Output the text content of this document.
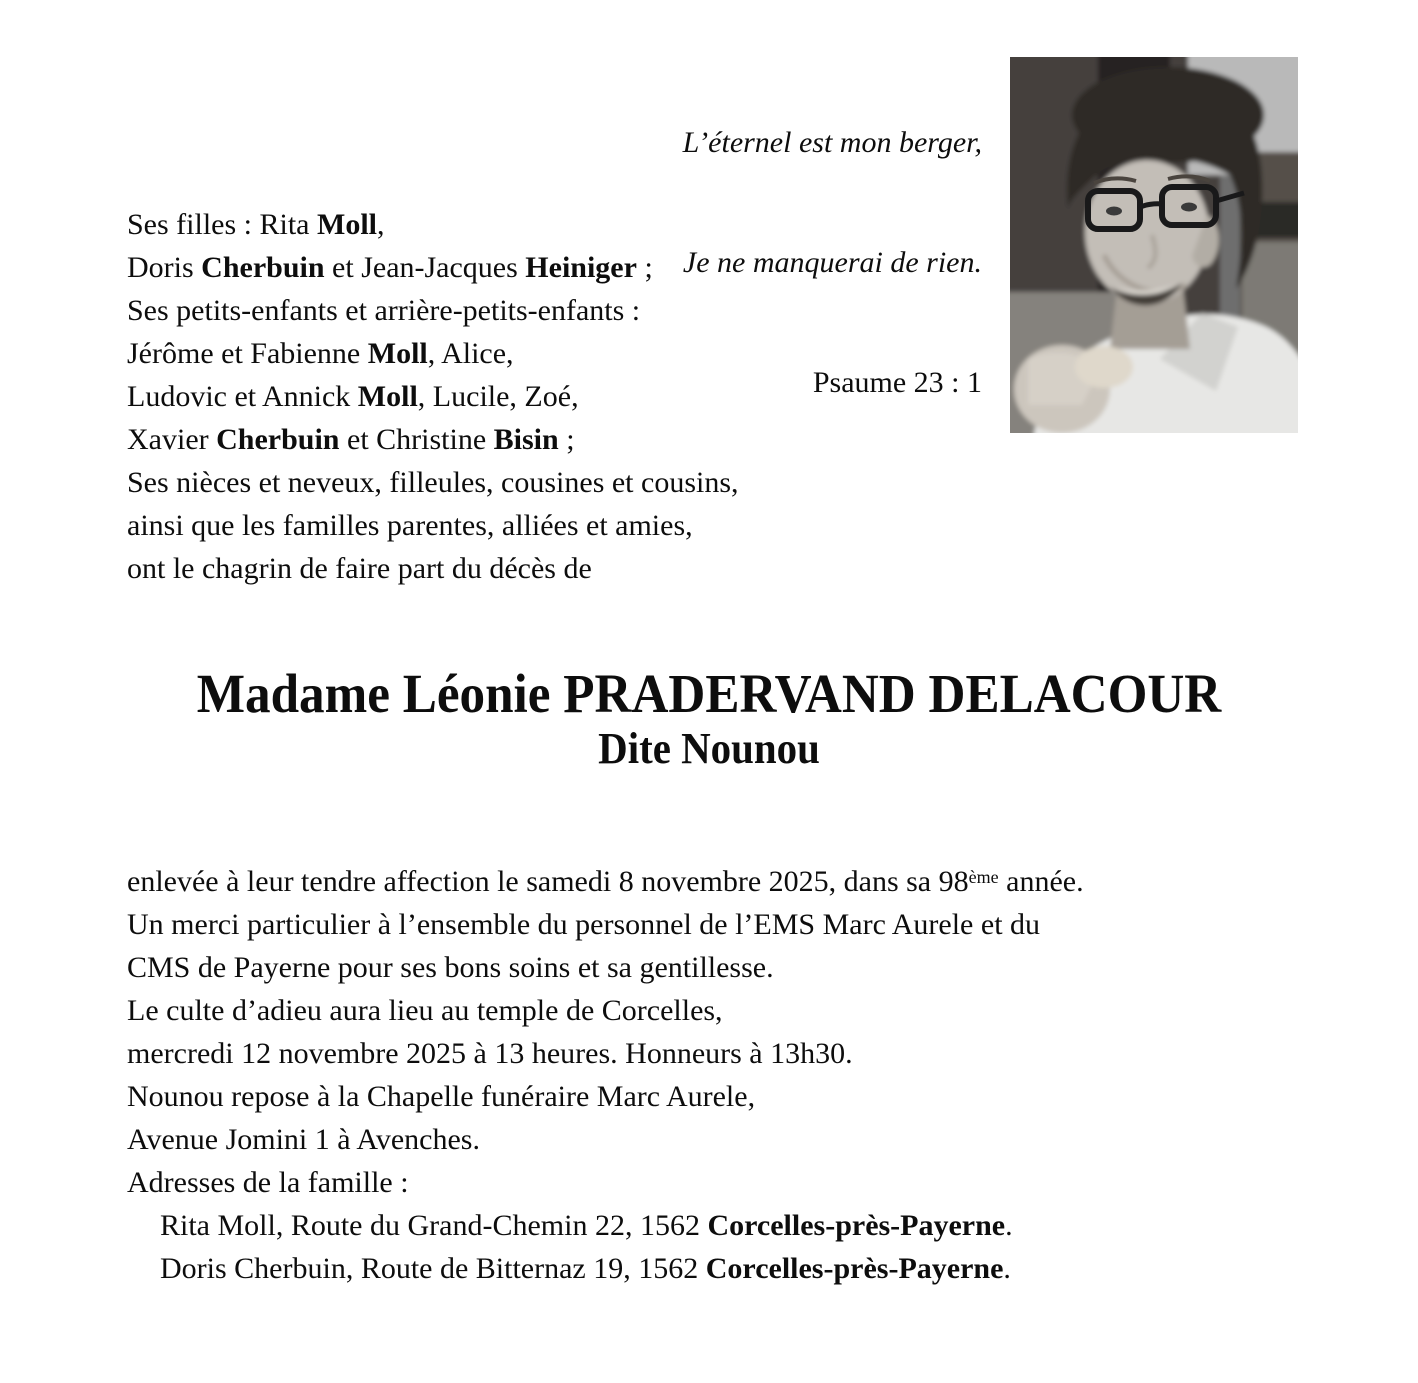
L’éternel est mon berger,

Je ne manquerai de rien.

Psaume 23 : 1

Ses filles : Rita Moll,
Doris Cherbuin et Jean-Jacques Heiniger ;
Ses petits-enfants et arrière-petits-enfants :
Jérôme et Fabienne Moll, Alice,
Ludovic et Annick Moll, Lucile, Zoé,
Xavier Cherbuin et Christine Bisin ;
Ses nièces et neveux, filleules, cousines et cousins,
ainsi que les familles parentes, alliées et amies,
ont le chagrin de faire part du décès de
Madame Léonie PRADERVAND DELACOUR
Dite Nounou
enlevée à leur tendre affection le samedi 8 novembre 2025, dans sa 98ème année.
Un merci particulier à l’ensemble du personnel de l’EMS Marc Aurele et du
CMS de Payerne pour ses bons soins et sa gentillesse.
Le culte d’adieu aura lieu au temple de Corcelles,
mercredi 12 novembre 2025 à 13 heures. Honneurs à 13h30.
Nounou repose à la Chapelle funéraire Marc Aurele,
Avenue Jomini 1 à Avenches.
Adresses de la famille :
Rita Moll, Route du Grand-Chemin 22, 1562 Corcelles-près-Payerne.
Doris Cherbuin, Route de Bitternaz 19, 1562 Corcelles-près-Payerne.
